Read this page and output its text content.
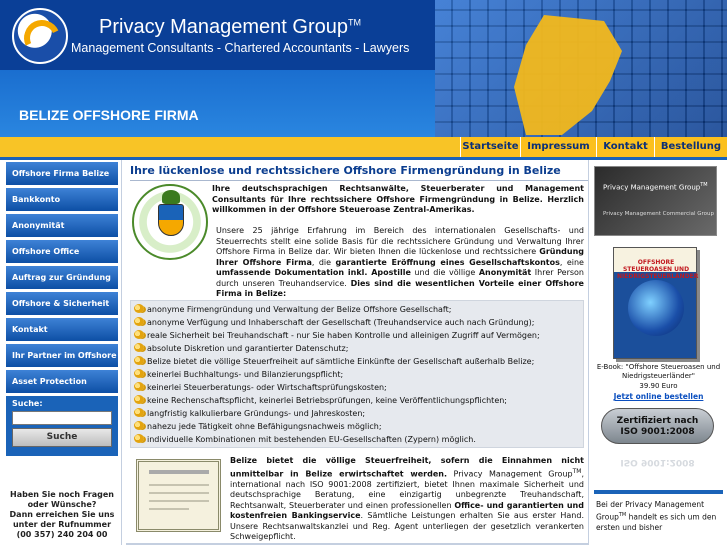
Privacy Management Group™
Management Consultants - Chartered Accountants - Lawyers
BELIZE OFFSHORE FIRMA
Startseite Impressum	Kontakt	Bestellung
Offshore Firma Belize
Bankkonto
Anonymität
Offshore Office
Auftrag zur Gründung
Offshore & Sicherheit
Kontakt
Ihr Partner im Offshore
Asset Protection
Suche:
Suche
Haben Sie noch Fragen
oder Wünsche?
Dann erreichen Sie uns
unter der Rufnummer
(00 357) 240 204 00
Ihre lückenlose und rechtssichere Offshore Firmengründung in Belize
Ihre deutschsprachigen Rechtsanwälte, Steuerberater und Management Consultants für Ihre rechtssichere Offshore Firmengründung in Belize. Herzlich willkommen in der Offshore Steueroase Zentral-Amerikas.
Unsere 25 jährige Erfahrung im Bereich des internationalen Gesellschafts- und Steuerrechts stellt eine solide Basis für die rechtssichere Gründung und Verwaltung Ihrer Offshore Firma in Belize dar. Wir bieten Ihnen die lückenlose und rechtssichere Gründung Ihrer Offshore Firma, die garantierte Eröffnung eines Gesellschaftskontos, eine umfassende Dokumentation inkl. Apostille und die völlige Anonymität Ihrer Person durch unseren Treuhandservice. Dies sind die wesentlichen Vorteile einer Offshore Firma in Belize:
anonyme Firmengründung und Verwaltung der Belize Offshore Gesellschaft;
anonyme Verfügung und Inhaberschaft der Gesellschaft (Treuhandservice auch nach Gründung);
reale Sicherheit bei Treuhandschaft - nur Sie haben Kontrolle und alleinigen Zugriff auf Vermögen;
absolute Diskretion und garantierter Datenschutz;
Belize bietet die völlige Steuerfreiheit auf sämtliche Einkünfte der Gesellschaft außerhalb Belize;
keinerlei Buchhaltungs- und Bilanzierungspflicht;
keinerlei Steuerberatungs- oder Wirtschaftsprüfungskosten;
keine Rechenschaftspflicht, keinerlei Betriebsprüfungen, keine Veröffentlichungspflichten;
langfristig kalkulierbare Gründungs- und Jahreskosten;
nahezu jede Tätigkeit ohne Befähigungsnachweis möglich;
individuelle Kombinationen mit bestehenden EU-Gesellschaften (Zypern) möglich.
Belize bietet die völlige Steuerfreiheit, sofern die Einnahmen nicht unmittelbar in Belize erwirtschaftet werden. Privacy Management Group™, international nach ISO 9001:2008 zertifiziert, bietet Ihnen maximale Sicherheit und deutschsprachige Beratung, eine einzigartig unbegrenzte Treuhandschaft, Rechtsanwalt, Steuerberater und einen professionellen Office- und garantierten und kostenfreien Bankingservice. Sämtliche Leistungen erhalten Sie aus erster Hand. Unsere Rechtsanwaltskanzlei und Reg. Agent unterliegen der gesetzlich verankerten Schweigepflicht.
Privacy Management Group™
Privacy Management Commercial Group
OFFSHORE STEUEROASEN UND NIEDRIGSTEUERLÄNDER
E-Book: "Offshore Steueroasen und Niedrigsteuerländer"
39.90 Euro
Jetzt online bestellen
Zertifiziert nach
ISO 9001:2008
ISO 9001:2008
Bei der Privacy Management Group™ handelt es sich um den ersten und bisher
